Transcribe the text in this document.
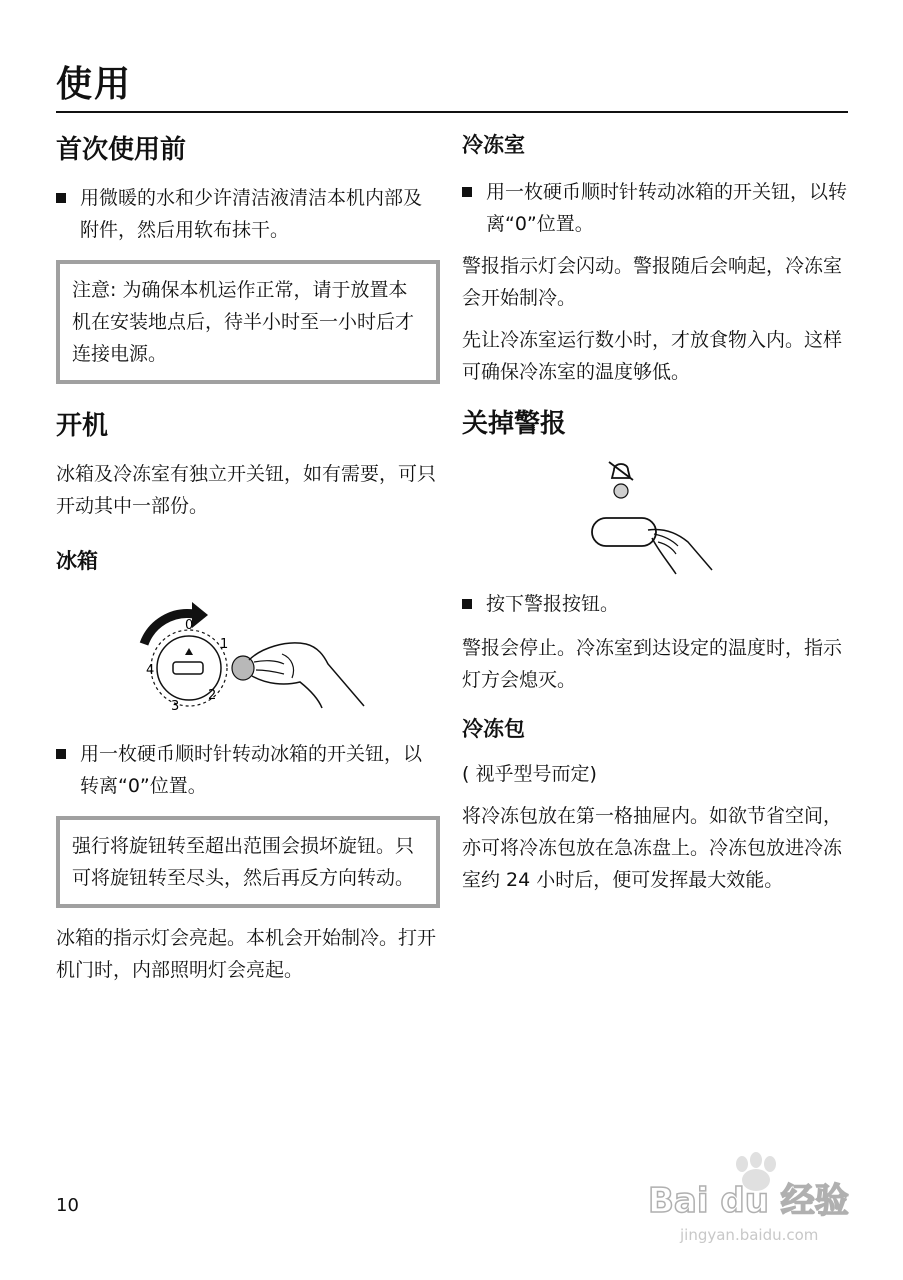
使用
首次使用前

用微暖的水和少许清洁液清洁本机内部及附件，然后用软布抹干。

注意: 为确保本机运作正常，请于放置本机在安装地点后，待半小时至一小时后才连接电源。

开机

冰箱及冷冻室有独立开关钮，如有需要，可只开动其中一部份。

冰箱
0
1
2
3
4

用一枚硬币顺时针转动冰箱的开关钮，以转离“0”位置。

强行将旋钮转至超出范围会损坏旋钮。只可将旋钮转至尽头，然后再反方向转动。

冰箱的指示灯会亮起。本机会开始制冷。打开机门时，内部照明灯会亮起。

冷冻室

用一枚硬币顺时针转动冰箱的开关钮，以转离“0”位置。

警报指示灯会闪动。警报随后会响起，冷冻室会开始制冷。

先让冷冻室运行数小时，才放食物入内。这样可确保冷冻室的温度够低。

关掉警报

按下警报按钮。

警报会停止。冷冻室到达设定的温度时，指示灯方会熄灭。

冷冻包

( 视乎型号而定)

将冷冻包放在第一格抽屉内。如欲节省空间，亦可将冷冻包放在急冻盘上。冷冻包放进冷冻室约 24 小时后，便可发挥最大效能。

10	Bai du 经验
jingyan.baidu.com
